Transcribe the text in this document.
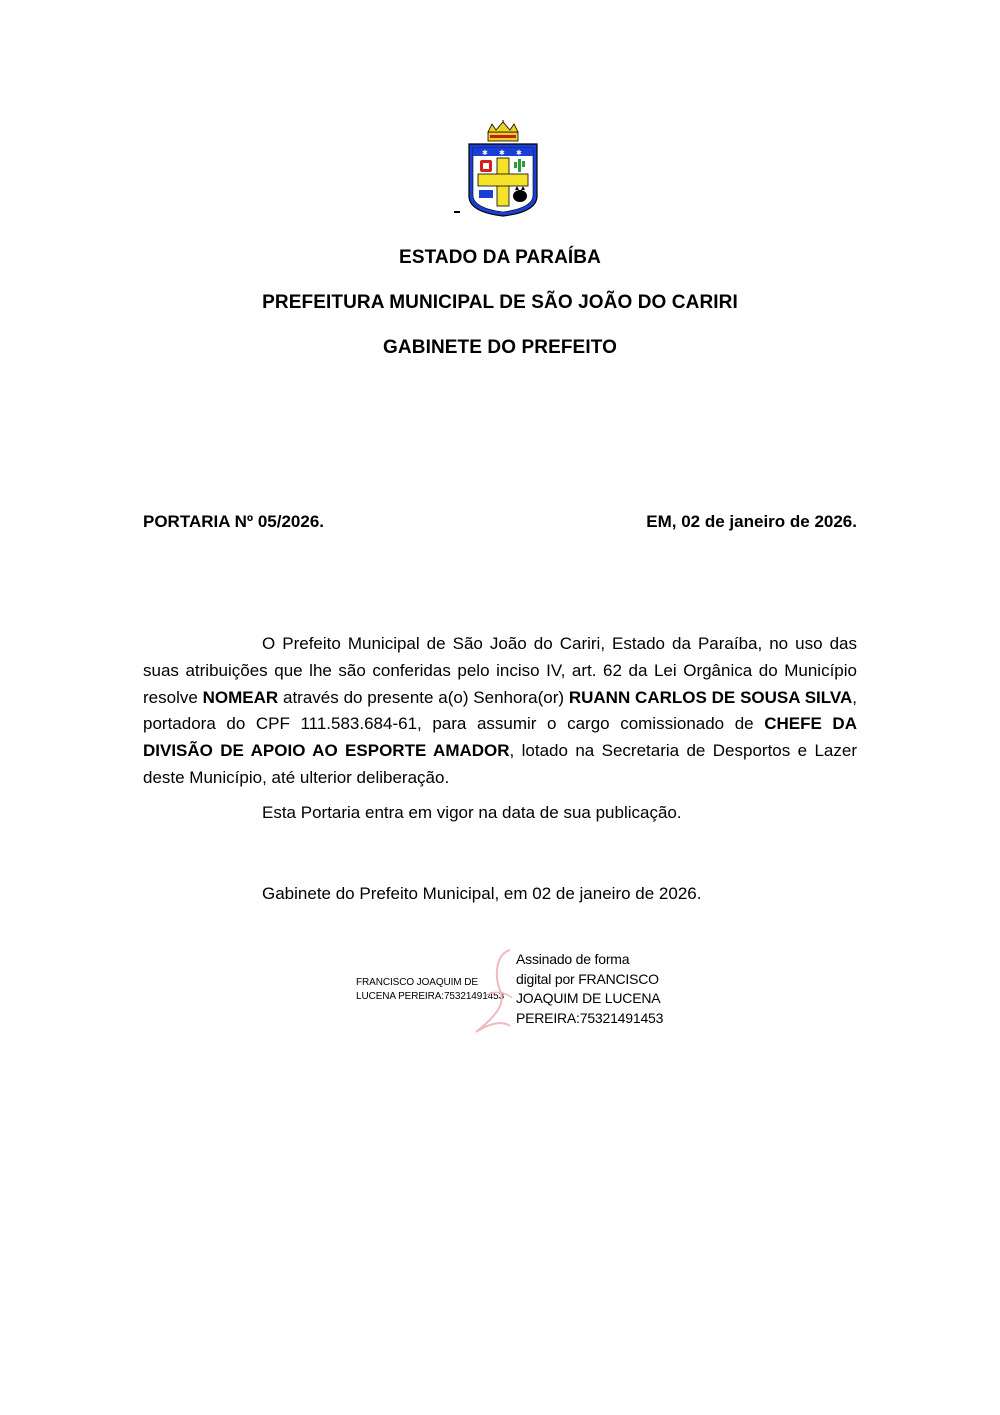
✱ ✱ ✱
ESTADO DA PARAÍBA
PREFEITURA MUNICIPAL DE SÃO JOÃO DO CARIRI
GABINETE DO PREFEITO
PORTARIA Nº 05/2026.	EM, 02 de janeiro de 2026.
O Prefeito Municipal de São João do Cariri, Estado da Paraíba, no uso das suas atribuições que lhe são conferidas pelo inciso IV, art. 62 da Lei Orgânica do Município resolve NOMEAR através do presente a(o) Senhora(or) RUANN CARLOS DE SOUSA SILVA, portadora do CPF 111.583.684-61, para assumir o cargo comissionado de CHEFE DA DIVISÃO DE APOIO AO ESPORTE AMADOR, lotado na Secretaria de Desportos e Lazer deste Município, até ulterior deliberação.
Esta Portaria entra em vigor na data de sua publicação.
Gabinete do Prefeito Municipal, em 02 de janeiro de 2026.
FRANCISCO JOAQUIM DE
LUCENA PEREIRA:75321491453
Assinado de forma
digital por FRANCISCO
JOAQUIM DE LUCENA
PEREIRA:75321491453
